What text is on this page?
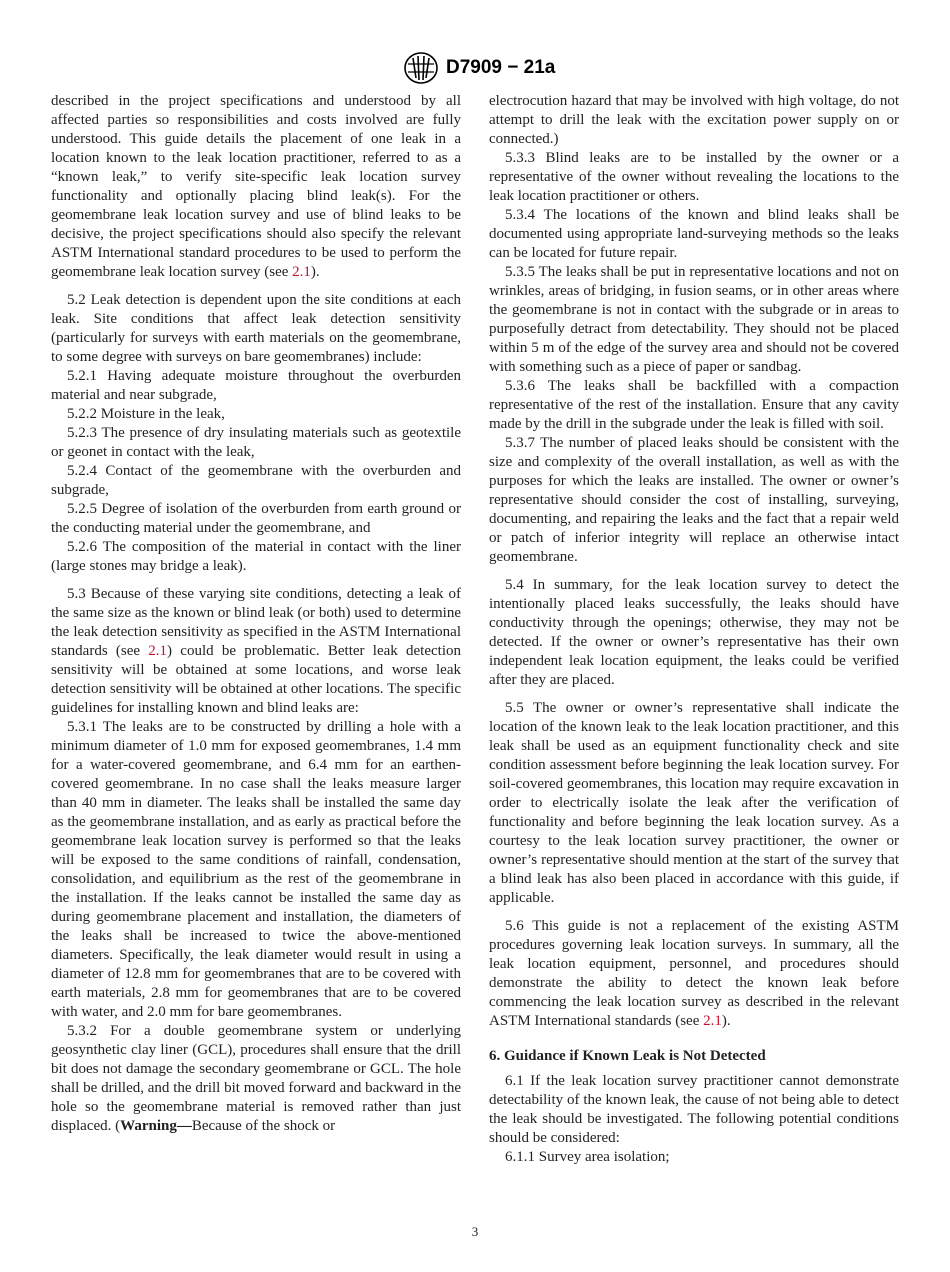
D7909 − 21a

described in the project specifications and understood by all affected parties so responsibilities and costs involved are fully understood. This guide details the placement of one leak in a location known to the leak location practitioner, referred to as a “known leak,” to verify site-specific leak location survey functionality and optionally placing blind leak(s). For the geomembrane leak location survey and use of blind leaks to be decisive, the project specifications should also specify the relevant ASTM International standard procedures to be used to perform the geomembrane leak location survey (see 2.1).

5.2 Leak detection is dependent upon the site conditions at each leak. Site conditions that affect leak detection sensitivity (particularly for surveys with earth materials on the geomembrane, to some degree with surveys on bare geomembranes) include:

5.2.1 Having adequate moisture throughout the overburden material and near subgrade,

5.2.2 Moisture in the leak,

5.2.3 The presence of dry insulating materials such as geotextile or geonet in contact with the leak,

5.2.4 Contact of the geomembrane with the overburden and subgrade,

5.2.5 Degree of isolation of the overburden from earth ground or the conducting material under the geomembrane, and

5.2.6 The composition of the material in contact with the liner (large stones may bridge a leak).

5.3 Because of these varying site conditions, detecting a leak of the same size as the known or blind leak (or both) used to determine the leak detection sensitivity as specified in the ASTM International standards (see 2.1) could be problematic. Better leak detection sensitivity will be obtained at some locations, and worse leak detection sensitivity will be obtained at other locations. The specific guidelines for installing known and blind leaks are:

5.3.1 The leaks are to be constructed by drilling a hole with a minimum diameter of 1.0 mm for exposed geomembranes, 1.4 mm for a water-covered geomembrane, and 6.4 mm for an earthen-covered geomembrane. In no case shall the leaks measure larger than 40 mm in diameter. The leaks shall be installed the same day as the geomembrane installation, and as early as practical before the geomembrane leak location survey is performed so that the leaks will be exposed to the same conditions of rainfall, condensation, consolidation, and equilibrium as the rest of the geomembrane in the installation. If the leaks cannot be installed the same day as during geomembrane placement and installation, the diameters of the leaks shall be increased to twice the above-mentioned diameters. Specifically, the leak diameter would result in using a diameter of 12.8 mm for geomembranes that are to be covered with earth materials, 2.8 mm for geomembranes that are to be covered with water, and 2.0 mm for bare geomembranes.

5.3.2 For a double geomembrane system or underlying geosynthetic clay liner (GCL), procedures shall ensure that the drill bit does not damage the secondary geomembrane or GCL. The hole shall be drilled, and the drill bit moved forward and backward in the hole so the geomembrane material is removed rather than just displaced. (Warning—Because of the shock or

electrocution hazard that may be involved with high voltage, do not attempt to drill the leak with the excitation power supply on or connected.)

5.3.3 Blind leaks are to be installed by the owner or a representative of the owner without revealing the locations to the leak location practitioner or others.

5.3.4 The locations of the known and blind leaks shall be documented using appropriate land-surveying methods so the leaks can be located for future repair.

5.3.5 The leaks shall be put in representative locations and not on wrinkles, areas of bridging, in fusion seams, or in other areas where the geomembrane is not in contact with the subgrade or in areas to purposefully detract from detectability. They should not be placed within 5 m of the edge of the survey area and should not be covered with something such as a piece of paper or sandbag.

5.3.6 The leaks shall be backfilled with a compaction representative of the rest of the installation. Ensure that any cavity made by the drill in the subgrade under the leak is filled with soil.

5.3.7 The number of placed leaks should be consistent with the size and complexity of the overall installation, as well as with the purposes for which the leaks are installed. The owner or owner’s representative should consider the cost of installing, surveying, documenting, and repairing the leaks and the fact that a repair weld or patch of inferior integrity will replace an otherwise intact geomembrane.

5.4 In summary, for the leak location survey to detect the intentionally placed leaks successfully, the leaks should have conductivity through the openings; otherwise, they may not be detected. If the owner or owner’s representative has their own independent leak location equipment, the leaks could be verified after they are placed.

5.5 The owner or owner’s representative shall indicate the location of the known leak to the leak location practitioner, and this leak shall be used as an equipment functionality check and site condition assessment before beginning the leak location survey. For soil-covered geomembranes, this location may require excavation in order to electrically isolate the leak after the verification of functionality and before beginning the leak location survey. As a courtesy to the leak location survey practitioner, the owner or owner’s representative should mention at the start of the survey that a blind leak has also been placed in accordance with this guide, if applicable.

5.6 This guide is not a replacement of the existing ASTM procedures governing leak location surveys. In summary, all the leak location equipment, personnel, and procedures should demonstrate the ability to detect the known leak before commencing the leak location survey as described in the relevant ASTM International standards (see 2.1).

6. Guidance if Known Leak is Not Detected

6.1 If the leak location survey practitioner cannot demonstrate detectability of the known leak, the cause of not being able to detect the leak should be investigated. The following potential conditions should be considered:

6.1.1 Survey area isolation;

3
